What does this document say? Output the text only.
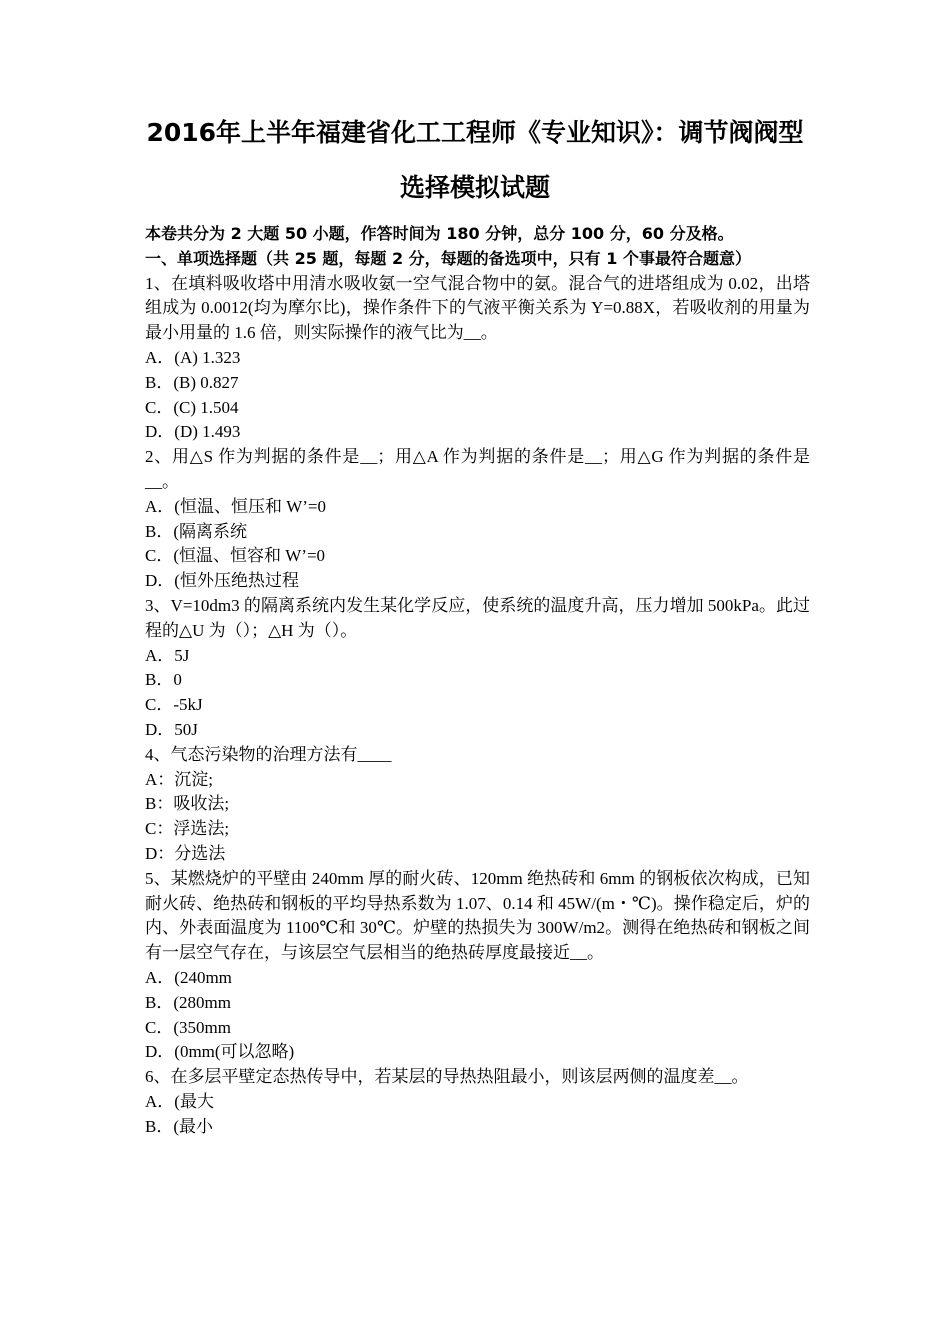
2016年上半年福建省化工工程师《专业知识》：调节阀阀型
选择模拟试题
本卷共分为 2 大题 50 小题，作答时间为 180 分钟，总分 100 分，60 分及格。
一、单项选择题（共 25 题，每题 2 分，每题的备选项中，只有 1 个事最符合题意）
1、在填料吸收塔中用清水吸收氨一空气混合物中的氨。混合气的进塔组成为 0.02，出塔组成为 0.0012(均为摩尔比)，操作条件下的气液平衡关系为 Y=0.88X，若吸收剂的用量为最小用量的 1.6 倍，则实际操作的液气比为__。
A．(A) 1.323
B．(B) 0.827
C．(C) 1.504
D．(D) 1.493
2、用△S 作为判据的条件是__；用△A 作为判据的条件是__；用△G 作为判据的条件是__。
A．(恒温、恒压和 W’=0
B．(隔离系统
C．(恒温、恒容和 W’=0
D．(恒外压绝热过程
3、V=10dm3 的隔离系统内发生某化学反应，使系统的温度升高，压力增加 500kPa。此过程的△U 为（）；△H 为（）。
A．5J
B．0
C．-5kJ
D．50J
4、气态污染物的治理方法有____
A：沉淀;
B：吸收法;
C：浮选法;
D：分选法
5、某燃烧炉的平壁由 240mm 厚的耐火砖、120mm 绝热砖和 6mm 的钢板依次构成，已知耐火砖、绝热砖和钢板的平均导热系数为 1.07、0.14 和 45W/(m・℃)。操作稳定后，炉的内、外表面温度为 1100℃和 30℃。炉壁的热损失为 300W/m2。测得在绝热砖和钢板之间有一层空气存在，与该层空气层相当的绝热砖厚度最接近__。
A．(240mm
B．(280mm
C．(350mm
D．(0mm(可以忽略)
6、在多层平壁定态热传导中，若某层的导热热阻最小，则该层两侧的温度差__。
A．(最大
B．(最小
